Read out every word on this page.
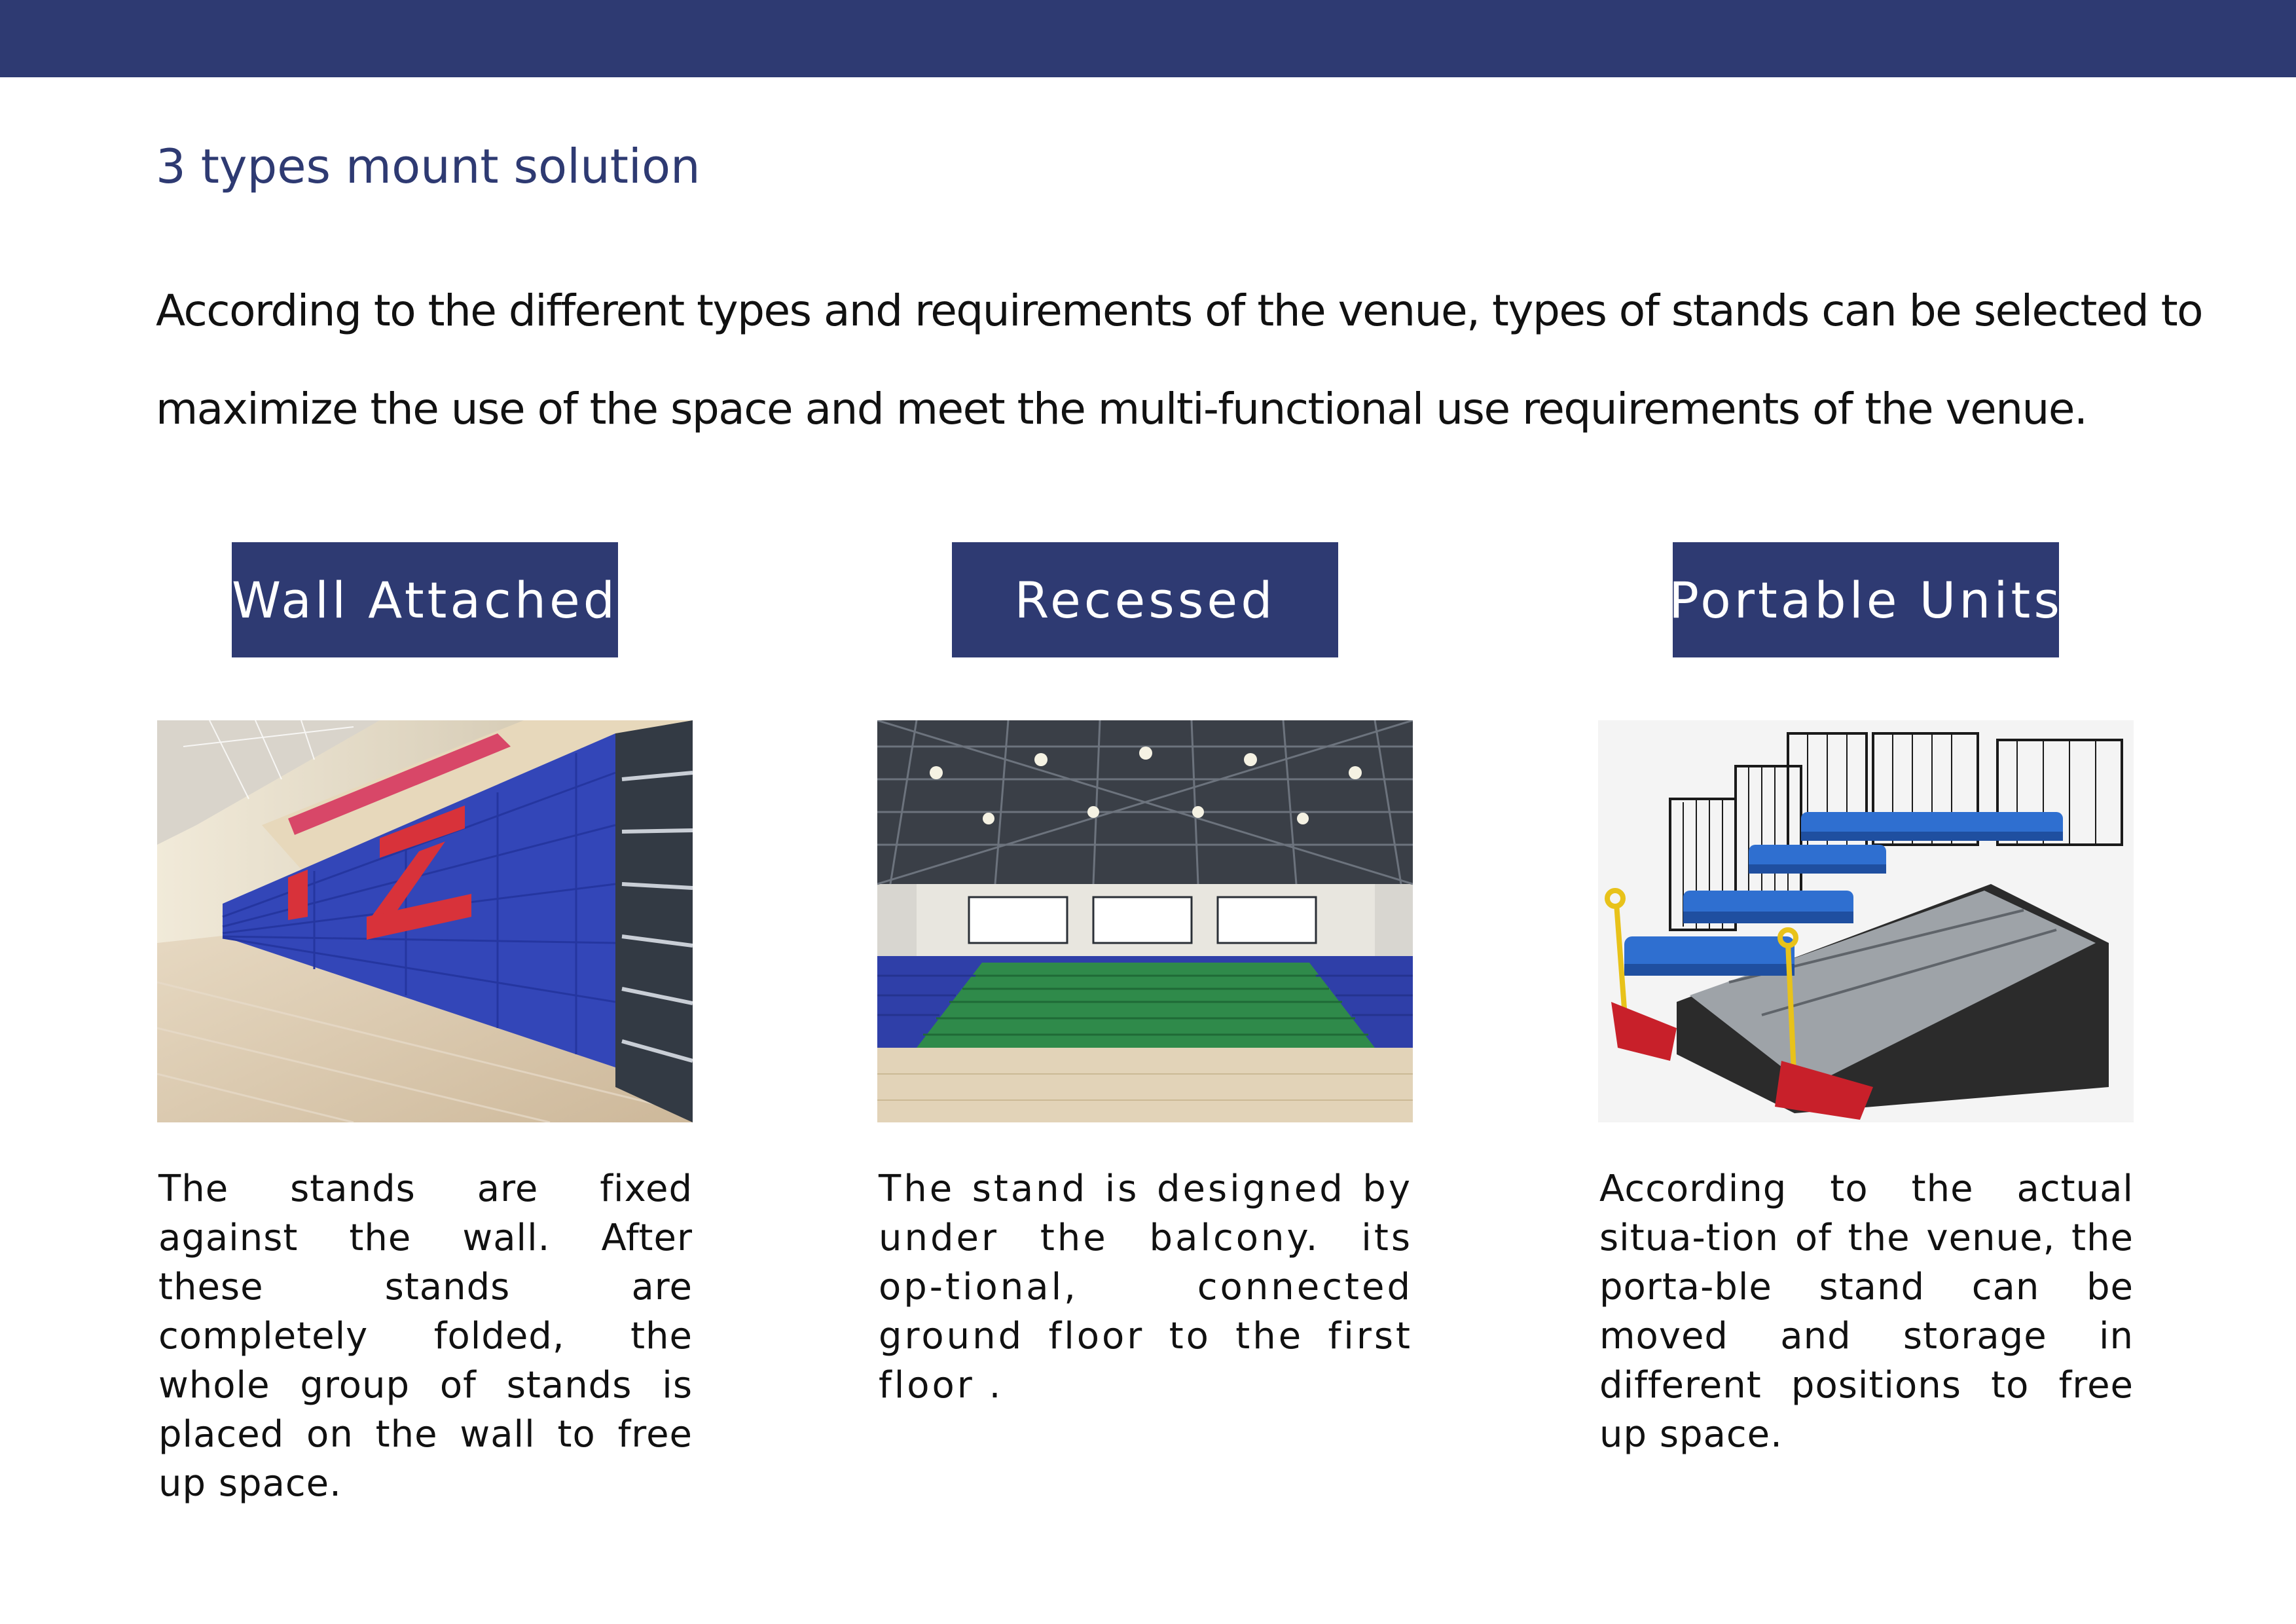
3 types mount solution
According to the different types and requirements of the venue, types of stands can be selected to
maximize the use of the space and meet the multi-functional use requirements of the venue.
Wall Attached

The stands are fixed against the wall. After these stands are completely folded, the whole group of stands is placed on the wall to free up space.

Recessed

The stand is designed by under the balcony. its op-tional, connected ground floor to the first floor .

Portable Units

According to the actual situa-tion of the venue, the porta-ble stand can be moved and storage in different positions to free up space.
